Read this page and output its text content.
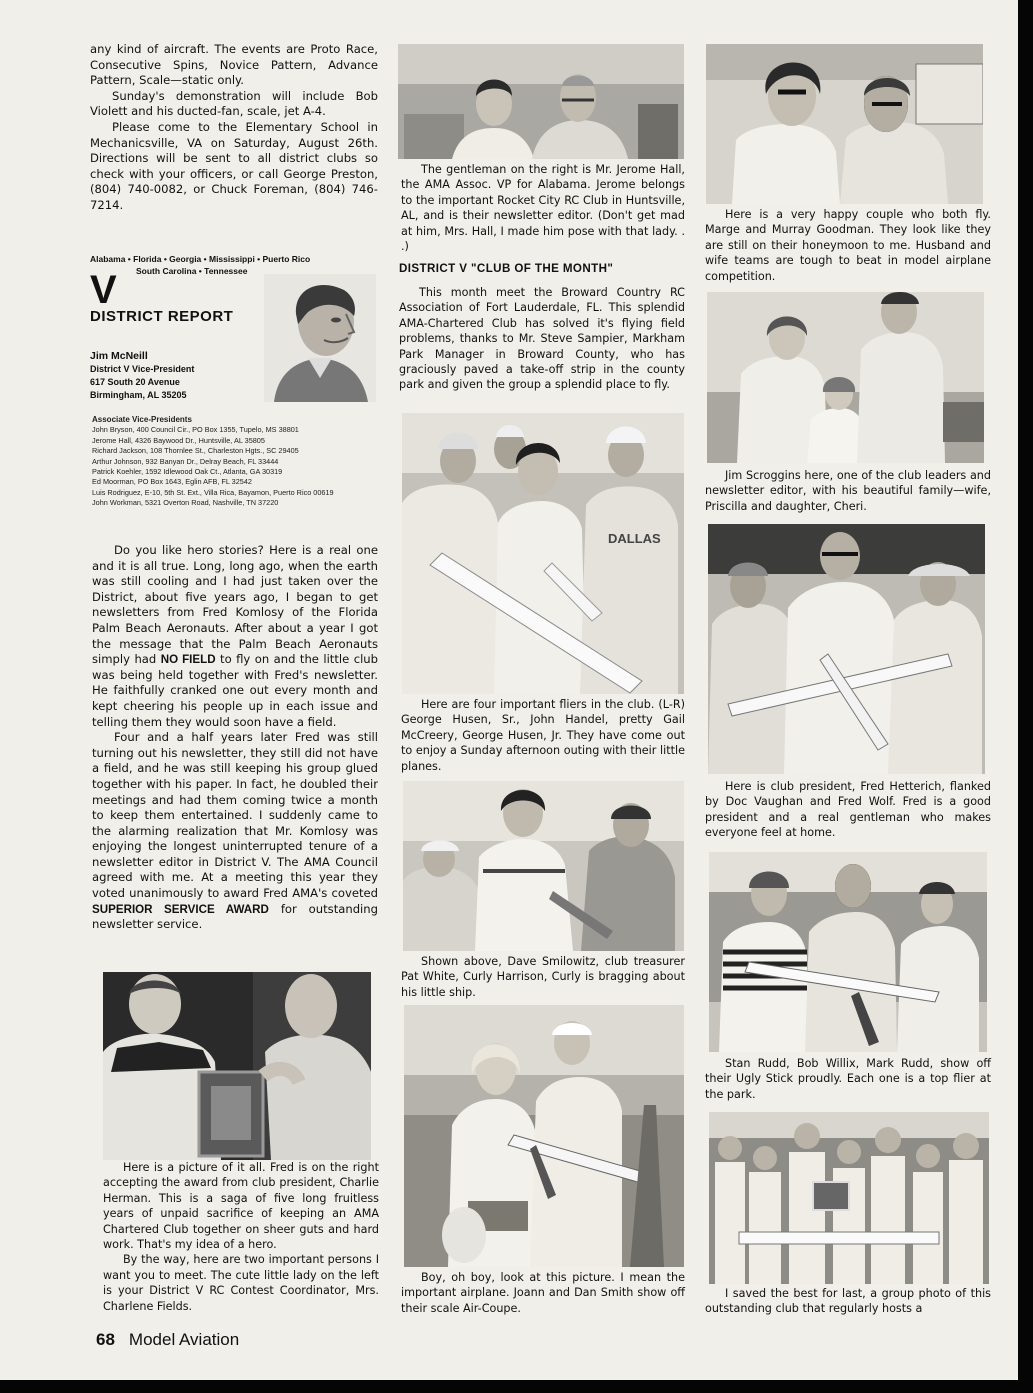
any kind of aircraft. The events are Proto Race, Consecutive Spins, Novice Pattern, Advance Pattern, Scale—static only.

Sunday's demonstration will include Bob Violett and his ducted-fan, scale, jet A-4.

Please come to the Elementary School in Mechanicsville, VA on Saturday, August 26th. Directions will be sent to all district clubs so check with your officers, or call George Preston, (804) 740-0082, or Chuck Foreman, (804) 746-7214.

Alabama • Florida • Georgia • Mississippi • Puerto Rico
South Carolina • Tennessee
V
DISTRICT REPORT
Jim McNeill
District V Vice-President
617 South 20 Avenue
Birmingham, AL 35205
Associate Vice-Presidents
John Bryson, 400 Council Cir., PO Box 1355, Tupelo, MS 38801
Jerome Hall, 4326 Baywood Dr., Huntsville, AL 35805
Richard Jackson, 108 Thornlee St., Charleston Hgts., SC 29405
Arthur Johnson, 932 Banyan Dr., Delray Beach, FL 33444
Patrick Koehler, 1592 Idlewood Oak Ct., Atlanta, GA 30319
Ed Moorman, PO Box 1643, Eglin AFB, FL 32542
Luis Rodriguez, E-10, 5th St. Ext., Villa Rica, Bayamon, Puerto Rico 00619
John Workman, 5321 Overton Road, Nashville, TN 37220

Do you like hero stories? Here is a real one and it is all true. Long, long ago, when the earth was still cooling and I had just taken over the District, about five years ago, I began to get newsletters from Fred Komlosy of the Florida Palm Beach Aeronauts. After about a year I got the message that the Palm Beach Aeronauts simply had NO FIELD to fly on and the little club was being held together with Fred's newsletter. He faithfully cranked one out every month and kept cheering his people up in each issue and telling them they would soon have a field.

Four and a half years later Fred was still turning out his newsletter, they still did not have a field, and he was still keeping his group glued together with his paper. In fact, he doubled their meetings and had them coming twice a month to keep them entertained. I suddenly came to the alarming realization that Mr. Komlosy was enjoying the longest uninterrupted tenure of a newsletter editor in District V. The AMA Council agreed with me. At a meeting this year they voted unanimously to award Fred AMA's coveted SUPERIOR SERVICE AWARD for outstanding newsletter service.

Here is a picture of it all. Fred is on the right accepting the award from club president, Charlie Herman. This is a saga of five long fruitless years of unpaid sacrifice of keeping an AMA Chartered Club together on sheer guts and hard work. That's my idea of a hero.

By the way, here are two important persons I want you to meet. The cute little lady on the left is your District V RC Contest Coordinator, Mrs. Charlene Fields.

The gentleman on the right is Mr. Jerome Hall, the AMA Assoc. VP for Alabama. Jerome belongs to the important Rocket City RC Club in Huntsville, AL, and is their newsletter editor. (Don't get mad at him, Mrs. Hall, I made him pose with that lady. . .)

DISTRICT V "CLUB OF THE MONTH"

This month meet the Broward Country RC Association of Fort Lauderdale, FL. This splendid AMA-Chartered Club has solved it's flying field problems, thanks to Mr. Steve Sampier, Markham Park Manager in Broward County, who has graciously paved a take-off strip in the county park and given the group a splendid place to fly.

DALLAS

Here are four important fliers in the club. (L-R) George Husen, Sr., John Handel, pretty Gail McCreery, George Husen, Jr. They have come out to enjoy a Sunday afternoon outing with their little planes.

Shown above, Dave Smilowitz, club treasurer Pat White, Curly Harrison, Curly is bragging about his little ship.

Boy, oh boy, look at this picture. I mean the important airplane. Joann and Dan Smith show off their scale Air-Coupe.

Here is a very happy couple who both fly. Marge and Murray Goodman. They look like they are still on their honeymoon to me. Husband and wife teams are tough to beat in model airplane competition.

Jim Scroggins here, one of the club leaders and newsletter editor, with his beautiful family—wife, Priscilla and daughter, Cheri.

Here is club president, Fred Hetterich, flanked by Doc Vaughan and Fred Wolf. Fred is a good president and a real gentleman who makes everyone feel at home.

Stan Rudd, Bob Willix, Mark Rudd, show off their Ugly Stick proudly. Each one is a top flier at the park.

I saved the best for last, a group photo of this outstanding club that regularly hosts a

68 Model Aviation
